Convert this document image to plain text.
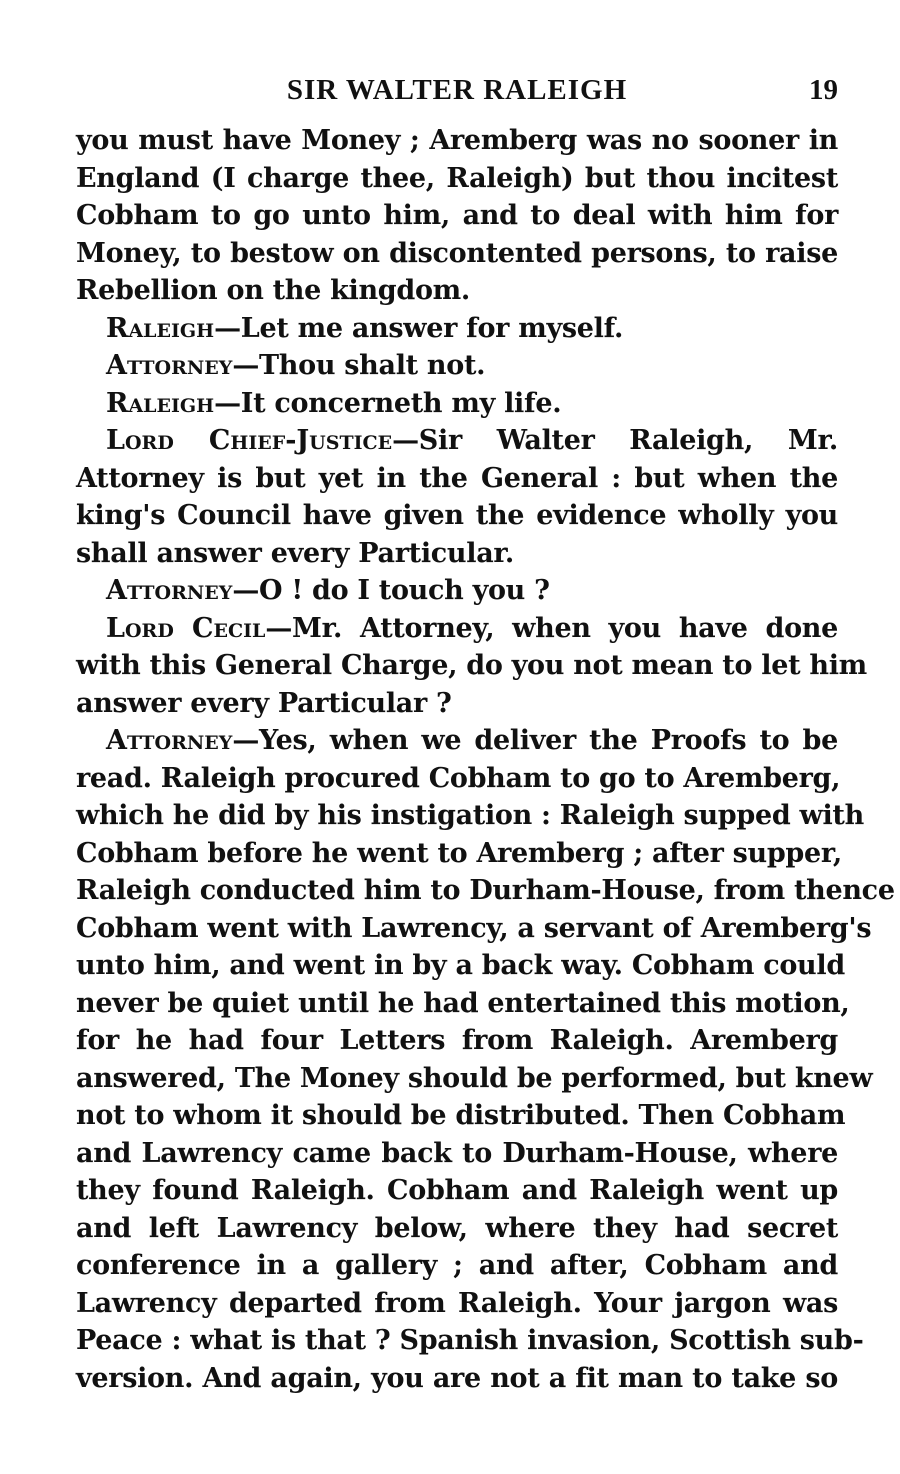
SIR WALTER RALEIGH	19
you must have Money ; Aremberg was no sooner in
England (I charge thee, Raleigh) but thou incitest
Cobham to go unto him, and to deal with him for
Money, to bestow on discontented persons, to raise
Rebellion on the kingdom.
Raleigh—Let me answer for myself.
Attorney—Thou shalt not.
Raleigh—It concerneth my life.
Lord Chief-Justice—Sir Walter Raleigh, Mr.
Attorney is but yet in the General : but when the
king's Council have given the evidence wholly you
shall answer every Particular.
Attorney—O ! do I touch you ?
Lord Cecil—Mr. Attorney, when you have done
with this General Charge, do you not mean to let him
answer every Particular ?
Attorney—Yes, when we deliver the Proofs to be
read. Raleigh procured Cobham to go to Aremberg,
which he did by his instigation : Raleigh supped with
Cobham before he went to Aremberg ; after supper,
Raleigh conducted him to Durham-House, from thence
Cobham went with Lawrency, a servant of Aremberg's
unto him, and went in by a back way. Cobham could
never be quiet until he had entertained this motion,
for he had four Letters from Raleigh. Aremberg
answered, The Money should be performed, but knew
not to whom it should be distributed. Then Cobham
and Lawrency came back to Durham-House, where
they found Raleigh. Cobham and Raleigh went up
and left Lawrency below, where they had secret
conference in a gallery ; and after, Cobham and
Lawrency departed from Raleigh. Your jargon was
Peace : what is that ? Spanish invasion, Scottish sub-
version. And again, you are not a fit man to take so
